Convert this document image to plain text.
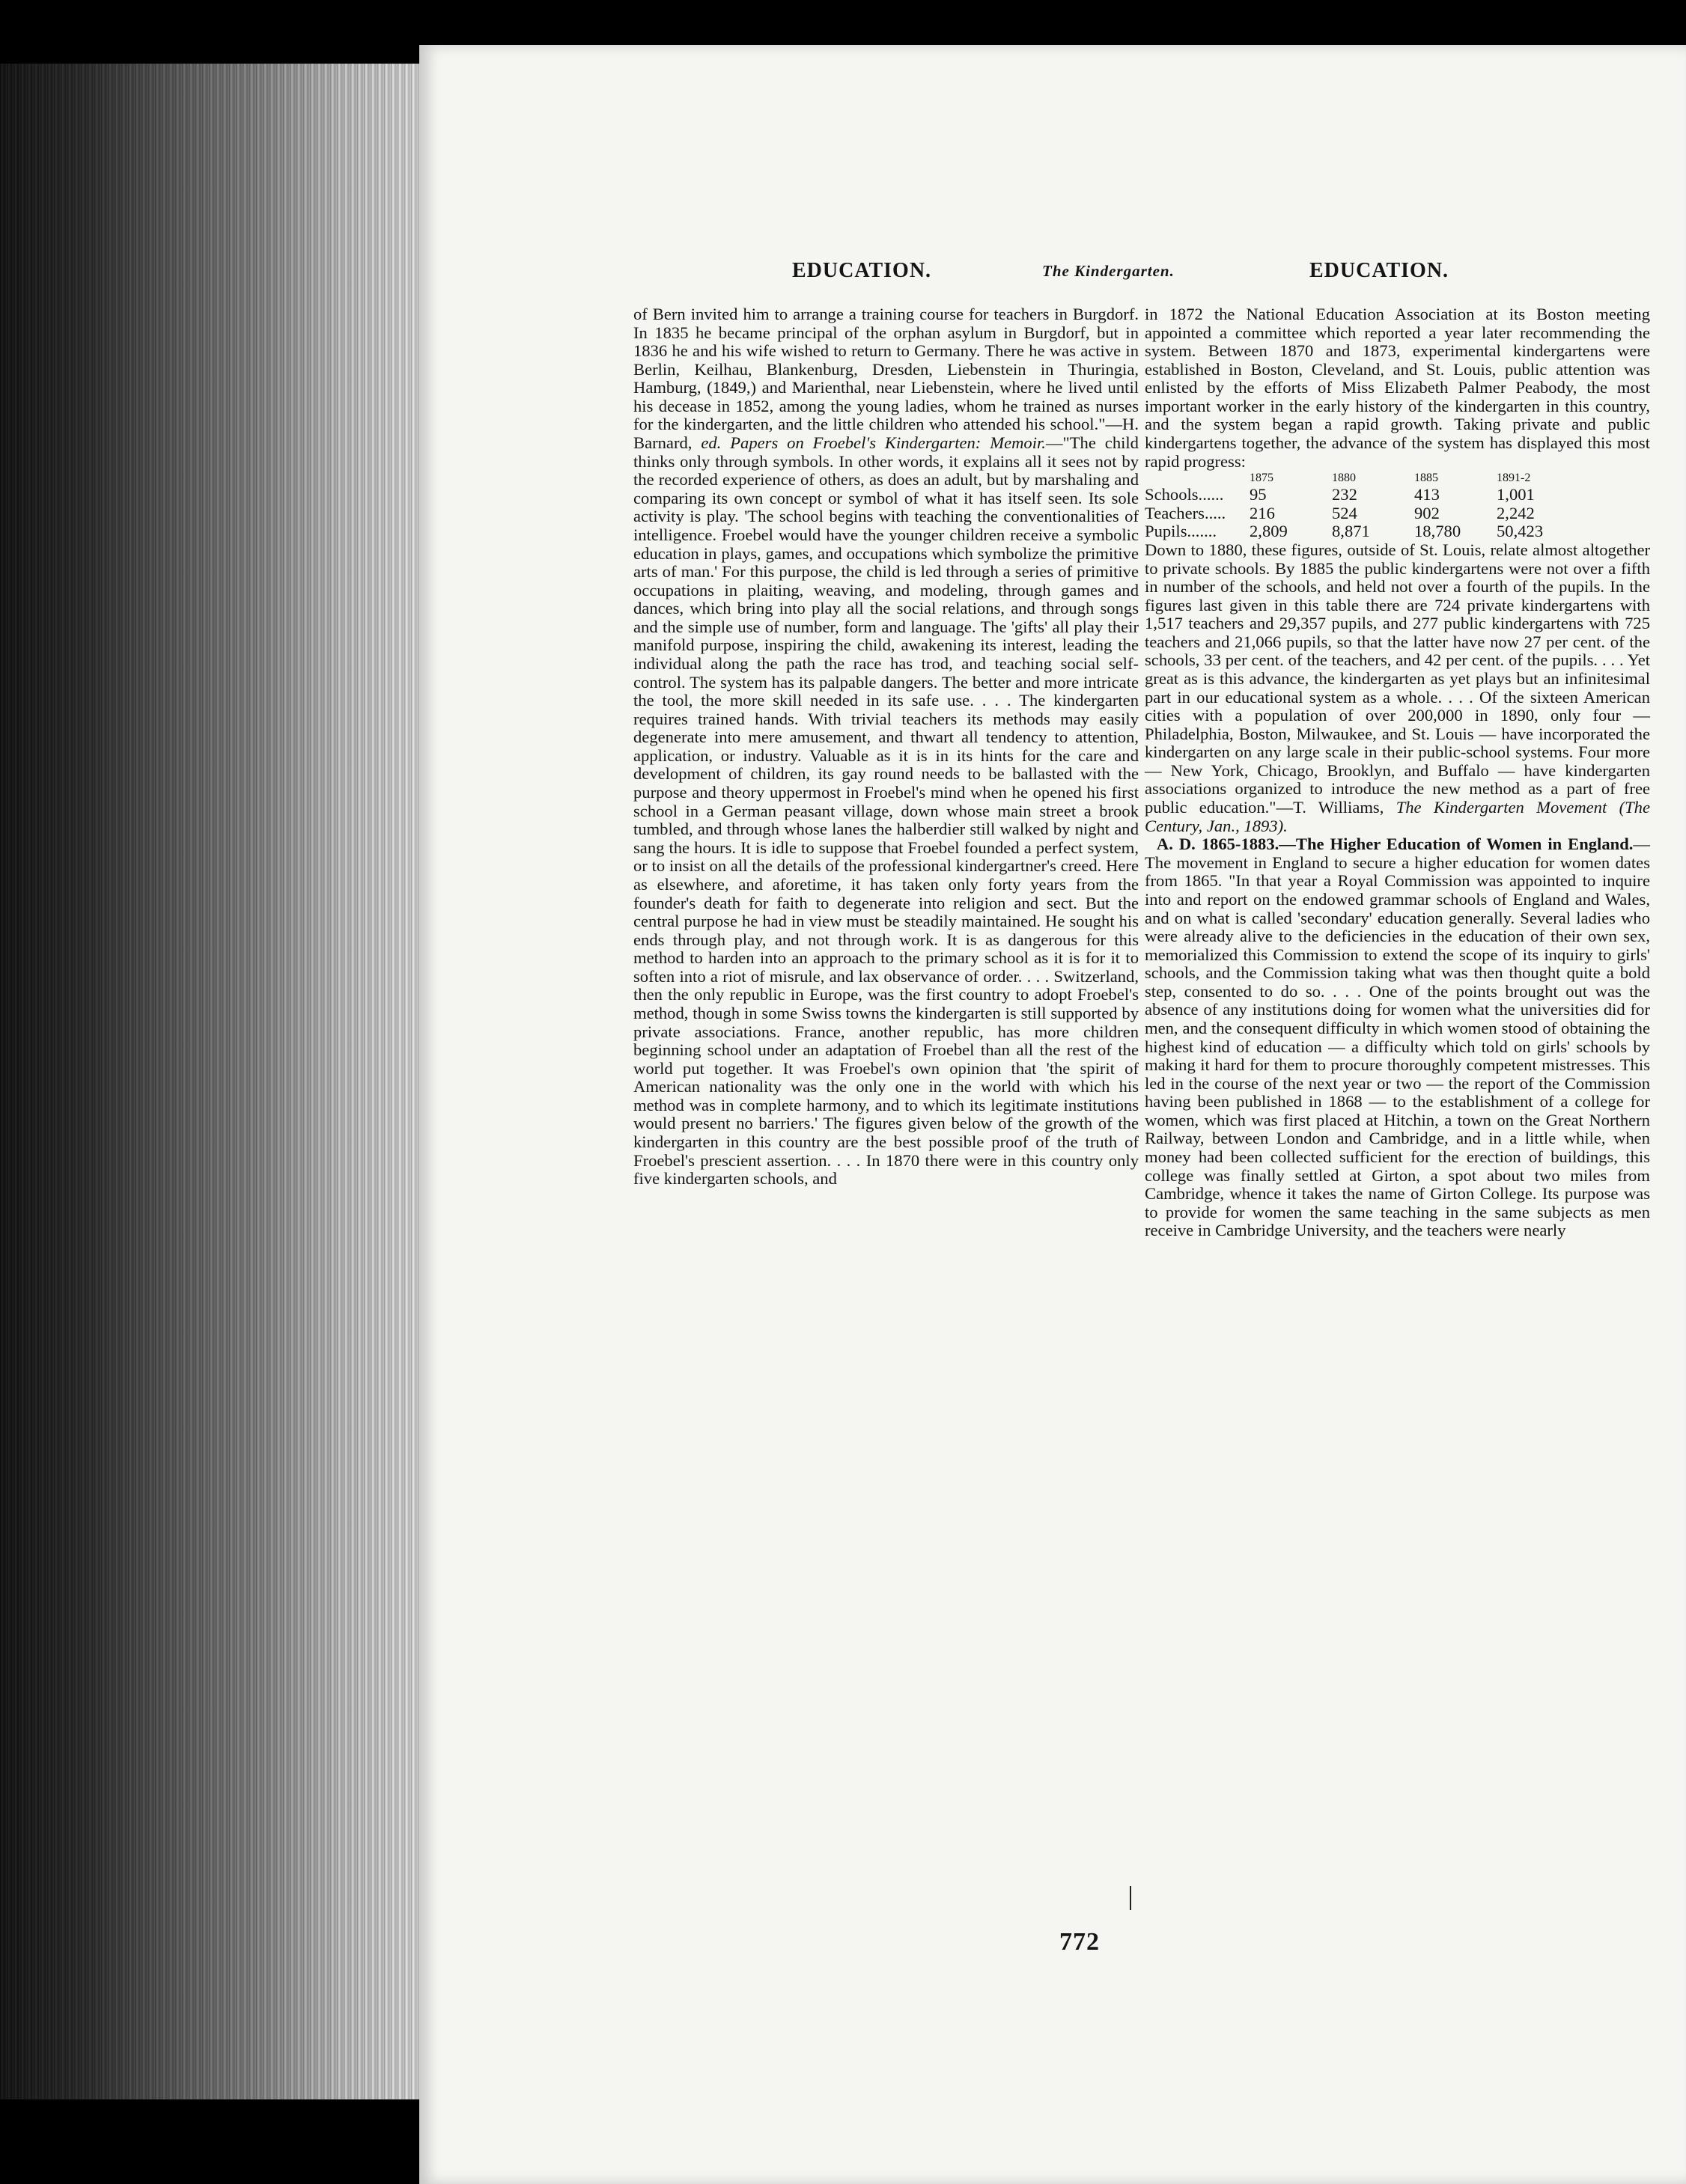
EDUCATION.	The Kindergarten.	EDUCATION.

of Bern invited him to arrange a training course for teachers in Burgdorf. In 1835 he became principal of the orphan asylum in Burgdorf, but in 1836 he and his wife wished to return to Germany. There he was active in Berlin, Keilhau, Blankenburg, Dresden, Liebenstein in Thuringia, Hamburg, (1849,) and Marienthal, near Liebenstein, where he lived until his decease in 1852, among the young ladies, whom he trained as nurses for the kindergarten, and the little children who attended his school."—H. Barnard, ed. Papers on Froebel's Kindergarten: Memoir.—"The child thinks only through symbols. In other words, it explains all it sees not by the recorded experience of others, as does an adult, but by marshaling and comparing its own concept or symbol of what it has itself seen. Its sole activity is play. 'The school begins with teaching the conventionalities of intelligence. Froebel would have the younger children receive a symbolic education in plays, games, and occupations which symbolize the primitive arts of man.' For this purpose, the child is led through a series of primitive occupations in plaiting, weaving, and modeling, through games and dances, which bring into play all the social relations, and through songs and the simple use of number, form and language. The 'gifts' all play their manifold purpose, inspiring the child, awakening its interest, leading the individual along the path the race has trod, and teaching social self-control. The system has its palpable dangers. The better and more intricate the tool, the more skill needed in its safe use. . . . The kindergarten requires trained hands. With trivial teachers its methods may easily degenerate into mere amusement, and thwart all tendency to attention, application, or industry. Valuable as it is in its hints for the care and development of children, its gay round needs to be ballasted with the purpose and theory uppermost in Froebel's mind when he opened his first school in a German peasant village, down whose main street a brook tumbled, and through whose lanes the halberdier still walked by night and sang the hours. It is idle to suppose that Froebel founded a perfect system, or to insist on all the details of the professional kindergartner's creed. Here as elsewhere, and aforetime, it has taken only forty years from the founder's death for faith to degenerate into religion and sect. But the central purpose he had in view must be steadily maintained. He sought his ends through play, and not through work. It is as dangerous for this method to harden into an approach to the primary school as it is for it to soften into a riot of misrule, and lax observance of order. . . . Switzerland, then the only republic in Europe, was the first country to adopt Froebel's method, though in some Swiss towns the kindergarten is still supported by private associations. France, another republic, has more children beginning school under an adaptation of Froebel than all the rest of the world put together. It was Froebel's own opinion that 'the spirit of American nationality was the only one in the world with which his method was in complete harmony, and to which its legitimate institutions would present no barriers.' The figures given below of the growth of the kindergarten in this country are the best possible proof of the truth of Froebel's prescient assertion. . . . In 1870 there were in this country only five kindergarten schools, and

in 1872 the National Education Association at its Boston meeting appointed a committee which reported a year later recommending the system. Between 1870 and 1873, experimental kindergartens were established in Boston, Cleveland, and St. Louis, public attention was enlisted by the efforts of Miss Elizabeth Palmer Peabody, the most important worker in the early history of the kindergarten in this country, and the system began a rapid growth. Taking private and public kindergartens together, the advance of the system has displayed this most rapid progress:

1875	1880	1885	1891-2
Schools......	95	232	413	1,001
Teachers.....	216	524	902	2,242
Pupils.......	2,809	8,871	18,780	50,423

Down to 1880, these figures, outside of St. Louis, relate almost altogether to private schools. By 1885 the public kindergartens were not over a fifth in number of the schools, and held not over a fourth of the pupils. In the figures last given in this table there are 724 private kindergartens with 1,517 teachers and 29,357 pupils, and 277 public kindergartens with 725 teachers and 21,066 pupils, so that the latter have now 27 per cent. of the schools, 33 per cent. of the teachers, and 42 per cent. of the pupils. . . . Yet great as is this advance, the kindergarten as yet plays but an infinitesimal part in our educational system as a whole. . . . Of the sixteen American cities with a population of over 200,000 in 1890, only four — Philadelphia, Boston, Milwaukee, and St. Louis — have incorporated the kindergarten on any large scale in their public-school systems. Four more — New York, Chicago, Brooklyn, and Buffalo — have kindergarten associations organized to introduce the new method as a part of free public education."—T. Williams, The Kindergarten Movement (The Century, Jan., 1893).

A. D. 1865-1883.—The Higher Education of Women in England.—The movement in England to secure a higher education for women dates from 1865. "In that year a Royal Commission was appointed to inquire into and report on the endowed grammar schools of England and Wales, and on what is called 'secondary' education generally. Several ladies who were already alive to the deficiencies in the education of their own sex, memorialized this Commission to extend the scope of its inquiry to girls' schools, and the Commission taking what was then thought quite a bold step, consented to do so. . . . One of the points brought out was the absence of any institutions doing for women what the universities did for men, and the consequent difficulty in which women stood of obtaining the highest kind of education — a difficulty which told on girls' schools by making it hard for them to procure thoroughly competent mistresses. This led in the course of the next year or two — the report of the Commission having been published in 1868 — to the establishment of a college for women, which was first placed at Hitchin, a town on the Great Northern Railway, between London and Cambridge, and in a little while, when money had been collected sufficient for the erection of buildings, this college was finally settled at Girton, a spot about two miles from Cambridge, whence it takes the name of Girton College. Its purpose was to provide for women the same teaching in the same subjects as men receive in Cambridge University, and the teachers were nearly

772
